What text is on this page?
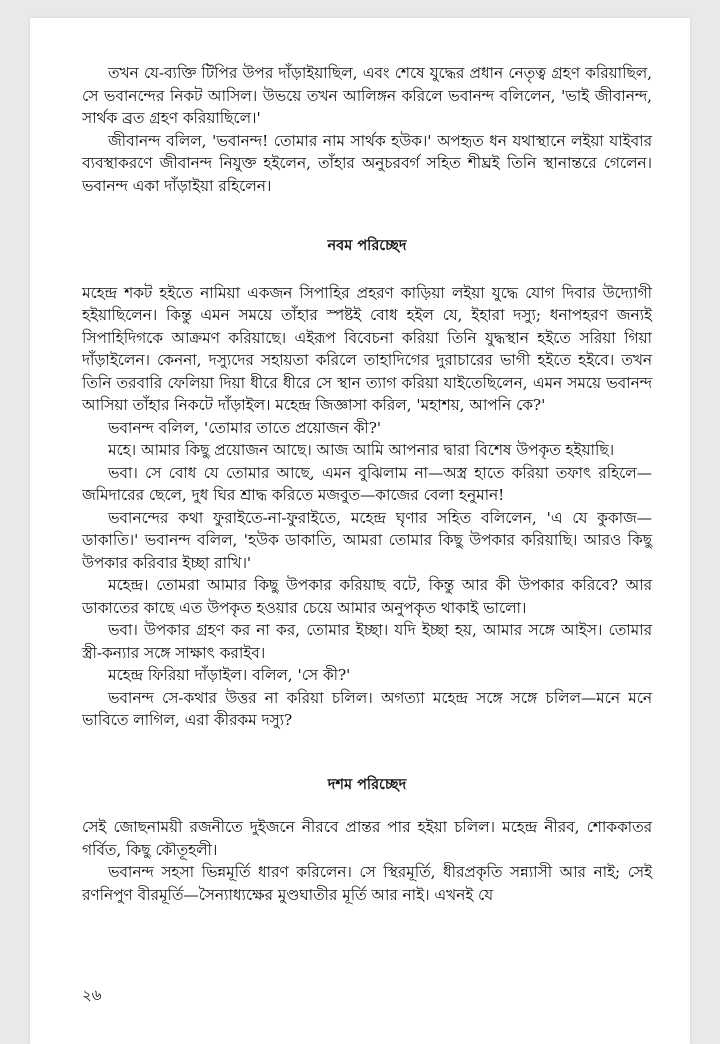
তখন যে-ব্যক্তি টিপির উপর দাঁড়াইয়াছিল, এবং শেষে যুদ্ধের প্রধান নেতৃত্ব গ্রহণ করিয়াছিল, সে ভবানন্দের নিকট আসিল। উভয়ে তখন আলিঙ্গন করিলে ভবানন্দ বলিলেন, 'ভাই জীবানন্দ, সার্থক ব্রত গ্রহণ করিয়াছিলে।'

জীবানন্দ বলিল, 'ভবানন্দ! তোমার নাম সার্থক হউক।' অপহৃত ধন যথাস্থানে লইয়া যাইবার ব্যবস্থাকরণে জীবানন্দ নিযুক্ত হইলেন, তাঁহার অনুচরবর্গ সহিত শীঘ্রই তিনি স্থানান্তরে গেলেন। ভবানন্দ একা দাঁড়াইয়া রহিলেন।

নবম পরিচ্ছেদ

মহেন্দ্র শকট হইতে নামিয়া একজন সিপাহির প্রহরণ কাড়িয়া লইয়া যুদ্ধে যোগ দিবার উদ্যোগী হইয়াছিলেন। কিন্তু এমন সময়ে তাঁহার স্পষ্টই বোধ হইল যে, ইহারা দস্যু; ধনাপহরণ জন্যই সিপাহিদিগকে আক্রমণ করিয়াছে। এইরূপ বিবেচনা করিয়া তিনি যুদ্ধস্থান হইতে সরিয়া গিয়া দাঁড়াইলেন। কেননা, দস্যুদের সহায়তা করিলে তাহাদিগের দুরাচারের ভাগী হইতে হইবে। তখন তিনি তরবারি ফেলিয়া দিয়া ধীরে ধীরে সে স্থান ত্যাগ করিয়া যাইতেছিলেন, এমন সময়ে ভবানন্দ আসিয়া তাঁহার নিকটে দাঁড়াইল। মহেন্দ্র জিজ্ঞাসা করিল, 'মহাশয়, আপনি কে?'

ভবানন্দ বলিল, 'তোমার তাতে প্রয়োজন কী?'

মহে। আমার কিছু প্রয়োজন আছে। আজ আমি আপনার দ্বারা বিশেষ উপকৃত হইয়াছি।

ভবা। সে বোধ যে তোমার আছে, এমন বুঝিলাম না—অস্ত্র হাতে করিয়া তফাৎ রহিলে—জমিদারের ছেলে, দুধ ঘির শ্রাদ্ধ করিতে মজবুত—কাজের বেলা হনুমান!

ভবানন্দের কথা ফুরাইতে-না-ফুরাইতে, মহেন্দ্র ঘৃণার সহিত বলিলেন, 'এ যে কুকাজ—ডাকাতি।' ভবানন্দ বলিল, 'হউক ডাকাতি, আমরা তোমার কিছু উপকার করিয়াছি। আরও কিছু উপকার করিবার ইচ্ছা রাখি।'

মহেন্দ্র। তোমরা আমার কিছু উপকার করিয়াছ বটে, কিন্তু আর কী উপকার করিবে? আর ডাকাতের কাছে এত উপকৃত হওয়ার চেয়ে আমার অনুপকৃত থাকাই ভালো।

ভবা। উপকার গ্রহণ কর না কর, তোমার ইচ্ছা। যদি ইচ্ছা হয়, আমার সঙ্গে আইস। তোমার স্ত্রী-কন্যার সঙ্গে সাক্ষাৎ করাইব।

মহেন্দ্র ফিরিয়া দাঁড়াইল। বলিল, 'সে কী?'

ভবানন্দ সে-কথার উত্তর না করিয়া চলিল। অগত্যা মহেন্দ্র সঙ্গে সঙ্গে চলিল—মনে মনে ভাবিতে লাগিল, এরা কীরকম দস্যু?

দশম পরিচ্ছেদ

সেই জোছনাময়ী রজনীতে দুইজনে নীরবে প্রান্তর পার হইয়া চলিল। মহেন্দ্র নীরব, শোককাতর গর্বিত, কিছু কৌতূহলী।

ভবানন্দ সহসা ভিন্নমূর্তি ধারণ করিলেন। সে স্থিরমূর্তি, ধীরপ্রকৃতি সন্ন্যাসী আর নাই; সেই রণনিপুণ বীরমূর্তি—সৈন্যাধ্যক্ষের মুণ্ডঘাতীর মূর্তি আর নাই। এখনই যে

২৬
